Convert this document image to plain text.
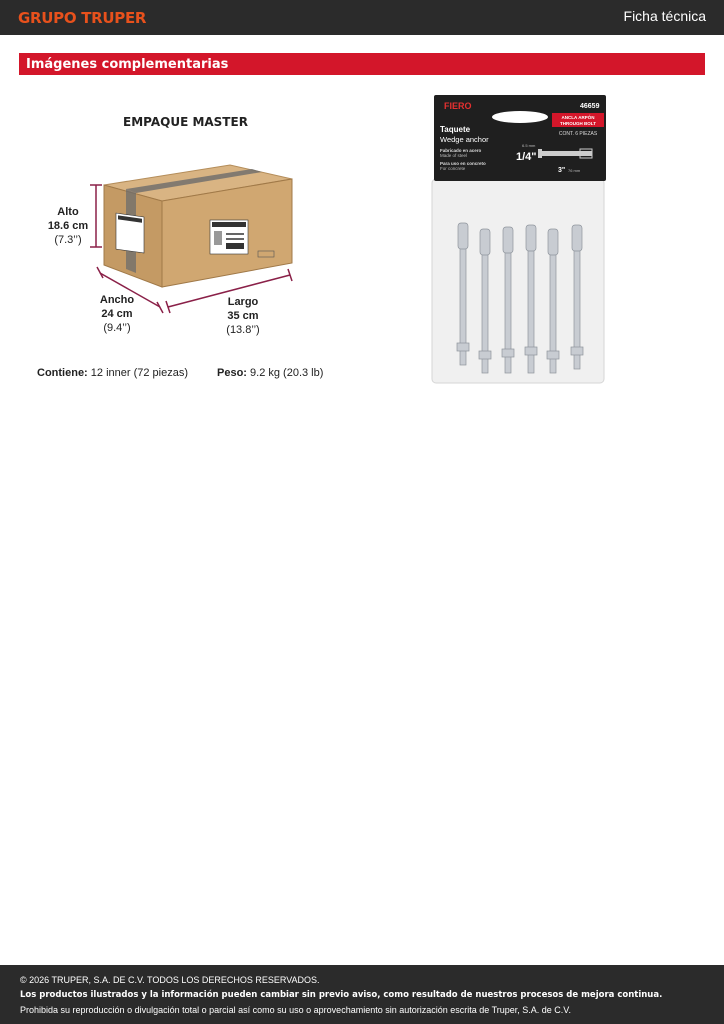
GRUPO TRUPER	Ficha técnica
Imágenes complementarias
EMPAQUE MASTER
Alto
18.6 cm
(7.3’’)
Ancho
24 cm
(9.4’’)
Largo
35 cm
(13.8’’)
Contiene: 12 inner (72 piezas)	Peso: 9.2 kg (20.3 lb)
FIERO	46659
ANCLA ARPÓN
THROUGH BOLT
CONT. 6 PIEZAS
Taquete
Wedge anchor
Fabricado en acero
Made of steel
Para uso en concreto
For concrete
6.5 mm
1/4"
3" 76 mm
© 2026 TRUPER, S.A. DE C.V. TODOS LOS DERECHOS RESERVADOS.
Los productos ilustrados y la información pueden cambiar sin previo aviso, como resultado de nuestros procesos de mejora continua.
Prohibida su reproducción o divulgación total o parcial así como su uso o aprovechamiento sin autorización escrita de Truper, S.A. de C.V.
